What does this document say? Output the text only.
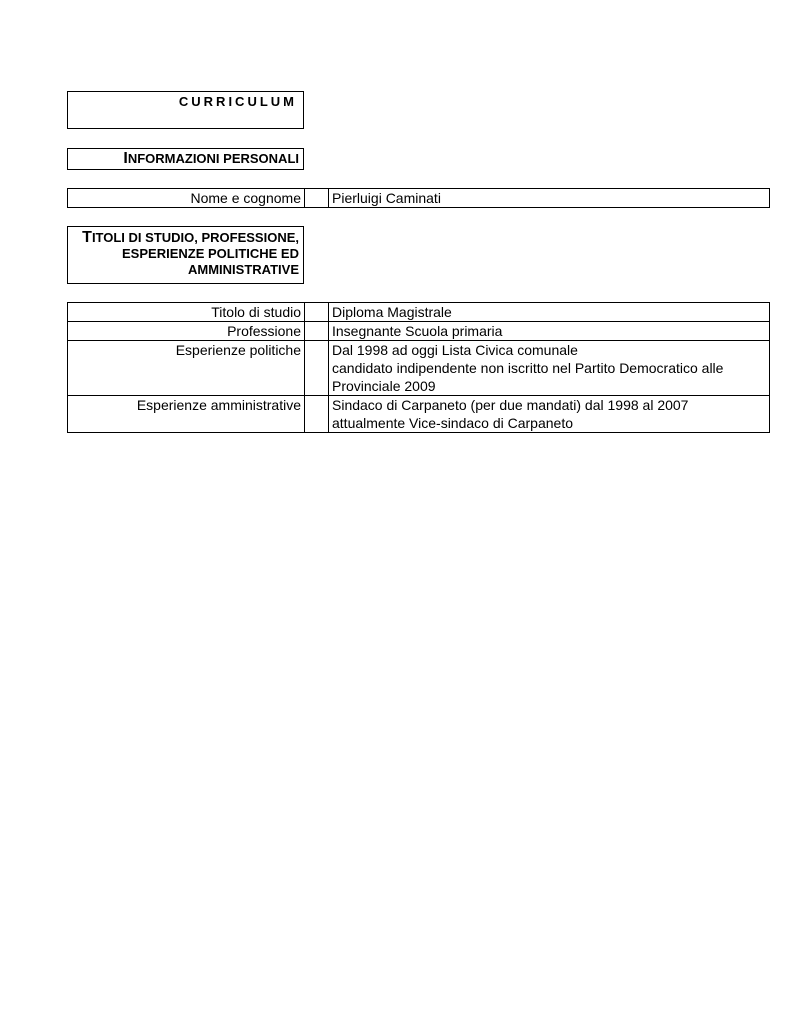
CURRICULUM
INFORMAZIONI PERSONALI
Nome e cognome		Pierluigi Caminati
TITOLI DI STUDIO, PROFESSIONE,
ESPERIENZE POLITICHE ED
AMMINISTRATIVE
Titolo di studio		Diploma Magistrale

Professione		Insegnante Scuola primaria

Esperienze politiche		Dal 1998 ad oggi Lista Civica comunale
candidato indipendente non iscritto nel Partito Democratico alle
Provinciale 2009

Esperienze amministrative		Sindaco di Carpaneto (per due mandati) dal 1998 al 2007
attualmente Vice-sindaco di Carpaneto
